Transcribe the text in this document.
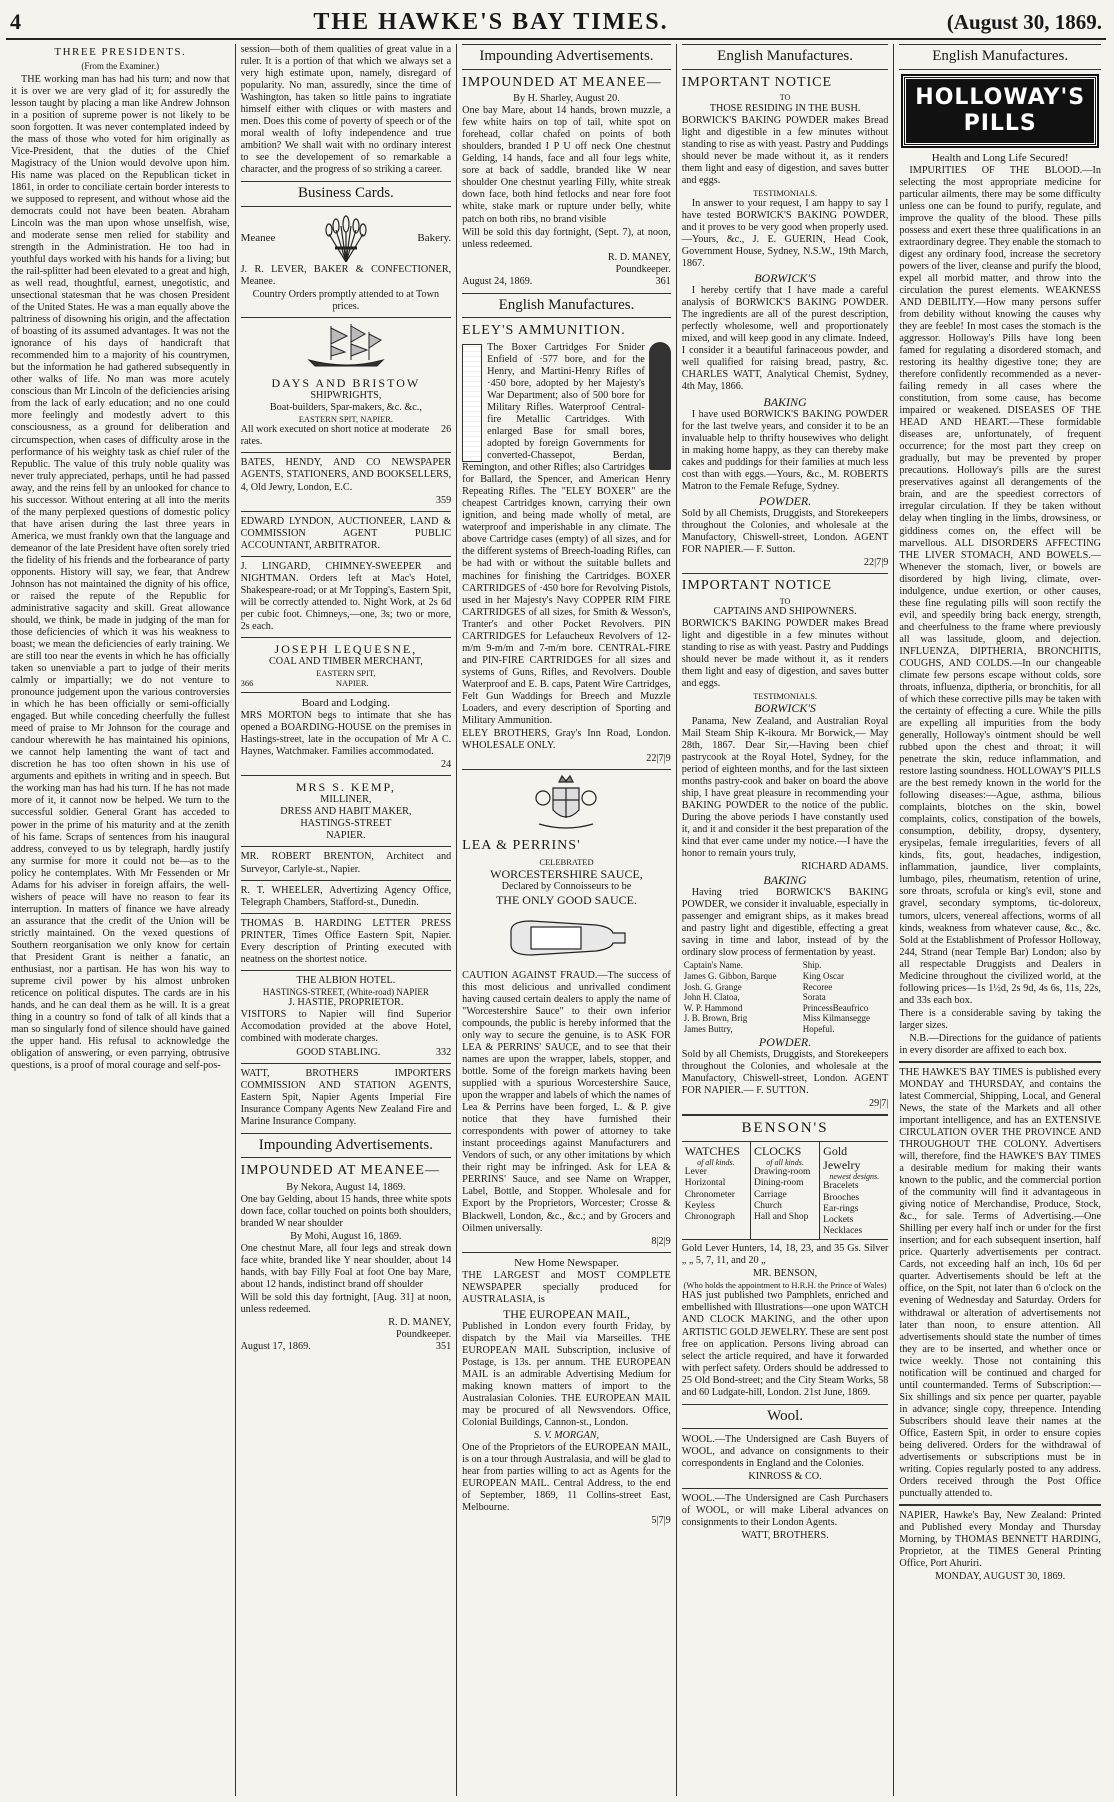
4	THE HAWKE'S BAY TIMES.	(August 30, 1869.
THREE PRESIDENTS.
(From the Examiner.)

THE working man has had his turn; and now that it is over we are very glad of it; for assuredly the lesson taught by placing a man like Andrew Johnson in a position of supreme power is not likely to be soon forgotten. It was never contemplated indeed by the mass of those who voted for him originally as Vice-President, that the duties of the Chief Magistracy of the Union would devolve upon him. His name was placed on the Republican ticket in 1861, in order to conciliate certain border interests to we supposed to represent, and without whose aid the democrats could not have been beaten. Abraham Lincoln was the man upon whose unselfish, wise, and moderate sense men relied for stability and strength in the Administration. He too had in youthful days worked with his hands for a living; but the rail-splitter had been elevated to a great and high, as well read, thoughtful, earnest, unegotistic, and unsectional statesman that he was chosen President of the United States. He was a man equally above the paltriness of disowning his origin, and the affectation of boasting of its assumed advantages. It was not the ignorance of his days of handicraft that recommended him to a majority of his countrymen, but the information he had gathered subsequently in other walks of life. No man was more acutely conscious than Mr Lincoln of the deficiencies arising from the lack of early education; and no one could more feelingly and modestly advert to this consciousness, as a ground for deliberation and circumspection, when cases of difficulty arose in the performance of his weighty task as chief ruler of the Republic. The value of this truly noble quality was never truly appreciated, perhaps, until he had passed away, and the reins fell by an unlooked for chance to his successor. Without entering at all into the merits of the many perplexed questions of domestic policy that have arisen during the last three years in America, we must frankly own that the language and demeanor of the late President have often sorely tried the fidelity of his friends and the forbearance of party opponents. History will say, we fear, that Andrew Johnson has not maintained the dignity of his office, or raised the repute of the Republic for administrative sagacity and skill. Great allowance should, we think, be made in judging of the man for those deficiencies of which it was his weakness to boast; we mean the deficiencies of early training. We are still too near the events in which he has officially taken so unenviable a part to judge of their merits calmly or impartially; we do not venture to pronounce judgement upon the various controversies in which he has been officially or semi-officially engaged. But while conceding cheerfully the fullest meed of praise to Mr Johnson for the courage and candour wherewith he has maintained his opinions, we cannot help lamenting the want of tact and discretion he has too often shown in his use of arguments and epithets in writing and in speech. But the working man has had his turn. If he has not made more of it, it cannot now be helped. We turn to the successful soldier. General Grant has acceded to power in the prime of his maturity and at the zenith of his fame. Scraps of sentences from his inaugural address, conveyed to us by telegraph, hardly justify any surmise for more it could not be—as to the policy he contemplates. With Mr Fessenden or Mr Adams for his adviser in foreign affairs, the well-wishers of peace will have no reason to fear its interruption. In matters of finance we have already an assurance that the credit of the Union will be strictly maintained. On the vexed questions of Southern reorganisation we only know for certain that President Grant is neither a fanatic, an enthusiast, nor a partisan. He has won his way to supreme civil power by his almost unbroken reticence on political disputes. The cards are in his hands, and he can deal them as he will. It is a great thing in a country so fond of talk of all kinds that a man so singularly fond of silence should have gained the upper hand. His refusal to acknowledge the obligation of answering, or even parrying, obtrusive questions, is a proof of moral courage and self-pos-

session—both of them qualities of great value in a ruler. It is a portion of that which we always set a very high estimate upon, namely, disregard of popularity. No man, assuredly, since the time of Washington, has taken so little pains to ingratiate himself either with cliques or with masters and men. Does this come of poverty of speech or of the moral wealth of lofty independence and true ambition? We shall wait with no ordinary interest to see the developement of so remarkable a character, and the progress of so striking a career.

Business Cards.
Meanee	Bakery.

J. R. LEVER, BAKER & CONFECTIONER, Meanee.

Country Orders promptly attended to at Town prices.

DAYS AND BRISTOW
SHIPWRIGHTS,
Boat-builders, Spar-makers, &c. &c.,
EASTERN SPIT, NAPIER.
All work executed on short notice at moderate rates.
26

BATES, HENDY, AND CO NEWSPAPER AGENTS, STATIONERS, AND BOOKSELLERS, 4, Old Jewry, London, E.C.

359

EDWARD LYNDON, AUCTIONEER, LAND & COMMISSION AGENT PUBLIC ACCOUNTANT, ARBITRATOR.

J. LINGARD, CHIMNEY-SWEEPER and NIGHTMAN. Orders left at Mac's Hotel, Shakespeare-road; or at Mr Topping's, Eastern Spit, will be correctly attended to. Night Work, at 2s 6d per cubic foot. Chimneys,—one, 3s; two or more, 2s each.

JOSEPH LEQUESNE,
COAL AND TIMBER MERCHANT,
EASTERN SPIT,
366	NAPIER.
Board and Lodging.

MRS MORTON begs to intimate that she has opened a BOARDING-HOUSE on the premises in Hastings-street, late in the occupation of Mr A C. Haynes, Watchmaker. Families accommodated.

24
MRS S. KEMP,
MILLINER,
DRESS AND HABIT MAKER,
HASTINGS-STREET
NAPIER.

MR. ROBERT BRENTON, Architect and Surveyor, Carlyle-st., Napier.

R. T. WHEELER, Advertizing Agency Office, Telegraph Chambers, Stafford-st., Dunedin.

THOMAS B. HARDING LETTER PRESS PRINTER, Times Office Eastern Spit, Napier. Every description of Printing executed with neatness on the shortest notice.

THE ALBION HOTEL.
HASTINGS-STREET, (White-road) NAPIER
J. HASTIE, PROPRIETOR.

VISITORS to Napier will find Superior Accomodation provided at the above Hotel, combined with moderate charges.

GOOD STABLING.	332

WATT, BROTHERS IMPORTERS COMMISSION AND STATION AGENTS, Eastern Spit, Napier Agents Imperial Fire Insurance Company Agents New Zealand Fire and Marine Insurance Company.

Impounding Advertisements.
IMPOUNDED AT MEANEE—
By Nekora, August 14, 1869.

One bay Gelding, about 15 hands, three white spots down face, collar touched on points both shoulders, branded W near shoulder

By Mohi, August 16, 1869.

One chestnut Mare, all four legs and streak down face white, branded like Y near shoulder, about 14 hands, with bay Filly Foal at foot One bay Mare, about 12 hands, indistinct brand off shoulder

Will be sold this day fortnight, [Aug. 31] at noon, unless redeemed.

R. D. MANEY,
Poundkeeper.
August 17, 1869.	351
Impounding Advertisements.
IMPOUNDED AT MEANEE—
By H. Sharley, August 20.

One bay Mare, about 14 hands, brown muzzle, a few white hairs on top of tail, white spot on forehead, collar chafed on points of both shoulders, branded I P U off neck One chestnut Gelding, 14 hands, face and all four legs white, sore at back of saddle, branded like W near shoulder One chestnut yearling Filly, white streak down face, both hind fetlocks and near fore foot white, stake mark or rupture under belly, white patch on both ribs, no brand visible

Will be sold this day fortnight, (Sept. 7), at noon, unless redeemed.

R. D. MANEY,
Poundkeeper.
August 24, 1869.	361
English Manufactures.
ELEY'S AMMUNITION.

The Boxer Cartridges For Snider Enfield of ·577 bore, and for the Henry, and Martini-Henry Rifles of ·450 bore, adopted by her Majesty's War Department; also of 500 bore for Military Rifles. Waterproof Central-fire Metallic Cartridges. With enlarged Base for small bores, adopted by foreign Governments for converted-Chassepot, Berdan, Remington, and other Rifles; also Cartridges for Ballard, the Spencer, and American Henry Repeating Rifles. The "ELEY BOXER" are the cheapest Cartridges known, carrying their own ignition, and being made wholly of metal, are waterproof and imperishable in any climate. The above Cartridge cases (empty) of all sizes, and for the different systems of Breech-loading Rifles, can be had with or without the suitable bullets and machines for finishing the Cartridges. BOXER CARTRIDGES of ·450 bore for Revolving Pistols, used in her Majesty's Navy COPPER RIM FIRE CARTRIDGES of all sizes, for Smith & Wesson's, Tranter's and other Pocket Revolvers. PIN CARTRIDGES for Lefaucheux Revolvers of 12-m/m 9-m/m and 7-m/m bore. CENTRAL-FIRE and PIN-FIRE CARTRIDGES for all sizes and systems of Guns, Rifles, and Revolvers. Double Waterproof and E. B. caps, Patent Wire Cartridges, Felt Gun Waddings for Breech and Muzzle Loaders, and every description of Sporting and Military Ammunition.

ELEY BROTHERS, Gray's Inn Road, London. WHOLESALE ONLY.

22|7|9
LEA & PERRINS'
CELEBRATED
WORCESTERSHIRE SAUCE,
Declared by Connoisseurs to be
THE ONLY GOOD SAUCE.

CAUTION AGAINST FRAUD.—The success of this most delicious and unrivalled condiment having caused certain dealers to apply the name of "Worcestershire Sauce" to their own inferior compounds, the public is hereby informed that the only way to secure the genuine, is to ASK FOR LEA & PERRINS' SAUCE, and to see that their names are upon the wrapper, labels, stopper, and bottle. Some of the foreign markets having been supplied with a spurious Worcestershire Sauce, upon the wrapper and labels of which the names of Lea & Perrins have been forged, L. & P. give notice that they have furnished their correspondents with power of attorney to take instant proceedings against Manufacturers and Vendors of such, or any other imitations by which their right may be infringed. Ask for LEA & PERRINS' Sauce, and see Name on Wrapper, Label, Bottle, and Stopper. Wholesale and for Export by the Proprietors, Worcester; Crosse & Blackwell, London, &c., &c.; and by Grocers and Oilmen universally.

8|2|9
New Home Newspaper.

THE LARGEST and MOST COMPLETE NEWSPAPER specially produced for AUSTRALASIA, is

THE EUROPEAN MAIL,

Published in London every fourth Friday, by dispatch by the Mail via Marseilles. THE EUROPEAN MAIL Subscription, inclusive of Postage, is 13s. per annum. THE EUROPEAN MAIL is an admirable Advertising Medium for making known matters of import to the Australasian Colonies. THE EUROPEAN MAIL may be procured of all Newsvendors. Office, Colonial Buildings, Cannon-st., London.

S. V. MORGAN,

One of the Proprietors of the EUROPEAN MAIL, is on a tour through Australasia, and will be glad to hear from parties willing to act as Agents for the EUROPEAN MAIL. Central Address, to the end of September, 1869, 11 Collins-street East, Melbourne.

5|7|9
English Manufactures.
IMPORTANT NOTICE
TO
THOSE RESIDING IN THE BUSH.

BORWICK'S BAKING POWDER makes Bread light and digestible in a few minutes without standing to rise as with yeast. Pastry and Puddings should never be made without it, as it renders them light and easy of digestion, and saves butter and eggs.

TESTIMONIALS.

In answer to your request, I am happy to say I have tested BORWICK'S BAKING POWDER, and it proves to be very good when properly used.—Yours, &c., J. E. GUERIN, Head Cook, Government House, Sydney, N.S.W., 19th March, 1867.

BORWICK'S

I hereby certify that I have made a careful analysis of BORWICK'S BAKING POWDER. The ingredients are all of the purest description, perfectly wholesome, well and proportionately mixed, and will keep good in any climate. Indeed, I consider it a beautiful farinaceous powder, and well qualified for raising bread, pastry, &c. CHARLES WATT, Analytical Chemist, Sydney, 4th May, 1866.

BAKING

I have used BORWICK'S BAKING POWDER for the last twelve years, and consider it to be an invaluable help to thrifty housewives who delight in making home happy, as they can thereby make cakes and puddings for their families at much less cost than with eggs.—Yours, &c., M. ROBERTS Matron to the Female Refuge, Sydney.

POWDER.

Sold by all Chemists, Druggists, and Storekeepers throughout the Colonies, and wholesale at the Manufactory, Chiswell-street, London. AGENT FOR NAPIER.— F. Sutton.

22|7|9
IMPORTANT NOTICE
TO
CAPTAINS AND SHIPOWNERS.

BORWICK'S BAKING POWDER makes Bread light and digestible in a few minutes without standing to rise as with yeast. Pastry and Puddings should never be made without it, as it renders them light and easy of digestion, and saves butter and eggs.

TESTIMONIALS.
BORWICK'S

Panama, New Zealand, and Australian Royal Mail Steam Ship K-ikoura. Mr Borwick,— May 28th, 1867. Dear Sir,—Having been chief pastrycook at the Royal Hotel, Sydney, for the period of eighteen months, and for the last sixteen months pastry-cook and baker on board the above ship, I have great pleasure in recommending your BAKING POWDER to the notice of the public. During the above periods I have constantly used it, and it and consider it the best preparation of the kind that ever came under my notice.—I have the honor to remain yours truly,

RICHARD ADAMS.
BAKING

Having tried BORWICK'S BAKING POWDER, we consider it invaluable, especially in passenger and emigrant ships, as it makes bread and pastry light and digestible, effecting a great saving in time and labor, instead of by the ordinary slow process of fermentation by yeast.

Captain's Name.	Ship.
James G. Gibbon, Barque	King Oscar
Josh. G. Grange	Recoree
John H. Clatoa,	Sorata
W. P. Hammond	PrincessBeaufrico
J. B. Brown, Brig	Miss Kilmansegge
James Buttry,	Hopeful.
POWDER.

Sold by all Chemists, Druggists, and Storekeepers throughout the Colonies, and wholesale at the Manufactory, Chiswell-street, London. AGENT FOR NAPIER.— F. SUTTON.

29|7|
BENSON'S
WATCHES
of all kinds.
Lever
Horizontal
Chronometer
Keyless
Chronograph
CLOCKS
of all kinds.
Drawing-room
Dining-room
Carriage
Church
Hall and Shop
Gold Jewelry
newest designs.
Bracelets
Brooches
Ear-rings
Lockets
Necklaces

Gold Lever Hunters, 14, 18, 23, and 35 Gs. Silver „ „ 5, 7, 11, and 20 „

MR. BENSON,
(Who holds the appointment to H.R.H. the Prince of Wales)

HAS just published two Pamphlets, enriched and embellished with Illustrations—one upon WATCH AND CLOCK MAKING, and the other upon ARTISTIC GOLD JEWELRY. These are sent post free on application. Persons living abroad can select the article required, and have it forwarded with perfect safety. Orders should be addressed to 25 Old Bond-street; and the City Steam Works, 58 and 60 Ludgate-hill, London. 21st June, 1869.

Wool.

WOOL.—The Undersigned are Cash Buyers of WOOL, and advance on consignments to their correspondents in England and the Colonies.

KINROSS & CO.

WOOL.—The Undersigned are Cash Purchasers of WOOL, or will make Liberal advances on consignments to their London Agents.

WATT, BROTHERS.
English Manufactures.
HOLLOWAY'S PILLS
Health and Long Life Secured!

IMPURITIES OF THE BLOOD.—In selecting the most appropriate medicine for particular ailments, there may be some difficulty unless one can be found to purify, regulate, and improve the quality of the blood. These pills possess and exert these three qualifications in an extraordinary degree. They enable the stomach to digest any ordinary food, increase the secretory powers of the liver, cleanse and purify the blood, expel all morbid matter, and throw into the circulation the purest elements. WEAKNESS AND DEBILITY.—How many persons suffer from debility without knowing the causes why they are feeble! In most cases the stomach is the aggressor. Holloway's Pills have long been famed for regulating a disordered stomach, and restoring its healthy digestive tone; they are therefore confidently recommended as a never-failing remedy in all cases where the constitution, from some cause, has become impaired or weakened. DISEASES OF THE HEAD AND HEART.—These formidable diseases are, unfortunately, of frequent occurrence; for the most part they creep on gradually, but may be prevented by proper precautions. Holloway's pills are the surest preservatives against all derangements of the brain, and are the speediest correctors of irregular circulation. If they be taken without delay when tingling in the limbs, drowsiness, or giddiness comes on, the effect will be marvellous. ALL DISORDERS AFFECTING THE LIVER STOMACH, AND BOWELS.—Whenever the stomach, liver, or bowels are disordered by high living, climate, over-indulgence, undue exertion, or other causes, these fine regulating pills will soon rectify the evil, and speedily bring back energy, strength, and cheerfulness to the frame where previously all was lassitude, gloom, and dejection. INFLUENZA, DIPTHERIA, BRONCHITIS, COUGHS, AND COLDS.—In our changeable climate few persons escape without colds, sore throats, influenza, diptheria, or bronchitis, for all of which these corrective pills may be taken with the certainty of effecting a cure. While the pills are expelling all impurities from the body generally, Holloway's ointment should be well rubbed upon the chest and throat; it will penetrate the skin, reduce inflammation, and restore lasting soundness. HOLLOWAY'S PILLS are the best remedy known in the world for the following diseases:—Ague, asthma, bilious complaints, blotches on the skin, bowel complaints, colics, constipation of the bowels, consumption, debility, dropsy, dysentery, erysipelas, female irregularities, fevers of all kinds, fits, gout, headaches, indigestion, inflammation, jaundice, liver complaints, lumbago, piles, rheumatism, retention of urine, sore throats, scrofula or king's evil, stone and gravel, secondary symptoms, tic-doloreux, tumors, ulcers, venereal affections, worms of all kinds, weakness from whatever cause, &c., &c. Sold at the Establishment of Professor Holloway, 244, Strand (near Temple Bar) London; also by all respectable Druggists and Dealers in Medicine throughout the civilized world, at the following prices—1s 1½d, 2s 9d, 4s 6s, 11s, 22s, and 33s each box.

There is a considerable saving by taking the larger sizes.

N.B.—Directions for the guidance of patients in every disorder are affixed to each box.

THE HAWKE'S BAY TIMES is published every MONDAY and THURSDAY, and contains the latest Commercial, Shipping, Local, and General News, the state of the Markets and all other important intelligence, and has an EXTENSIVE CIRCULATION OVER THE PROVINCE AND THROUGHOUT THE COLONY. Advertisers will, therefore, find the HAWKE'S BAY TIMES a desirable medium for making their wants known to the public, and the commercial portion of the community will find it advantageous in giving notice of Merchandise, Produce, Stock, &c., for sale. Terms of Advertising.—One Shilling per every half inch or under for the first insertion; and for each subsequent insertion, half price. Quarterly advertisements per contract. Cards, not exceeding half an inch, 10s 6d per quarter. Advertisements should be left at the office, on the Spit, not later than 6 o'clock on the evening of Wednesday and Saturday. Orders for withdrawal or alteration of advertisements not later than noon, to ensure attention. All advertisements should state the number of times they are to be inserted, and whether once or twice weekly. Those not containing this notification will be continued and charged for until countermanded. Terms of Subscription:—Six shillings and six pence per quarter, payable in advance; single copy, threepence. Intending Subscribers should leave their names at the Office, Eastern Spit, in order to ensure copies being delivered. Orders for the withdrawal of advertisements or subscriptions must be in writing. Copies regularly posted to any address. Orders received through the Post Office punctually attended to.

NAPIER, Hawke's Bay, New Zealand: Printed and Published every Monday and Thursday Morning, by THOMAS BENNETT HARDING, Proprietor, at the TIMES General Printing Office, Port Ahuriri.

MONDAY, AUGUST 30, 1869.
